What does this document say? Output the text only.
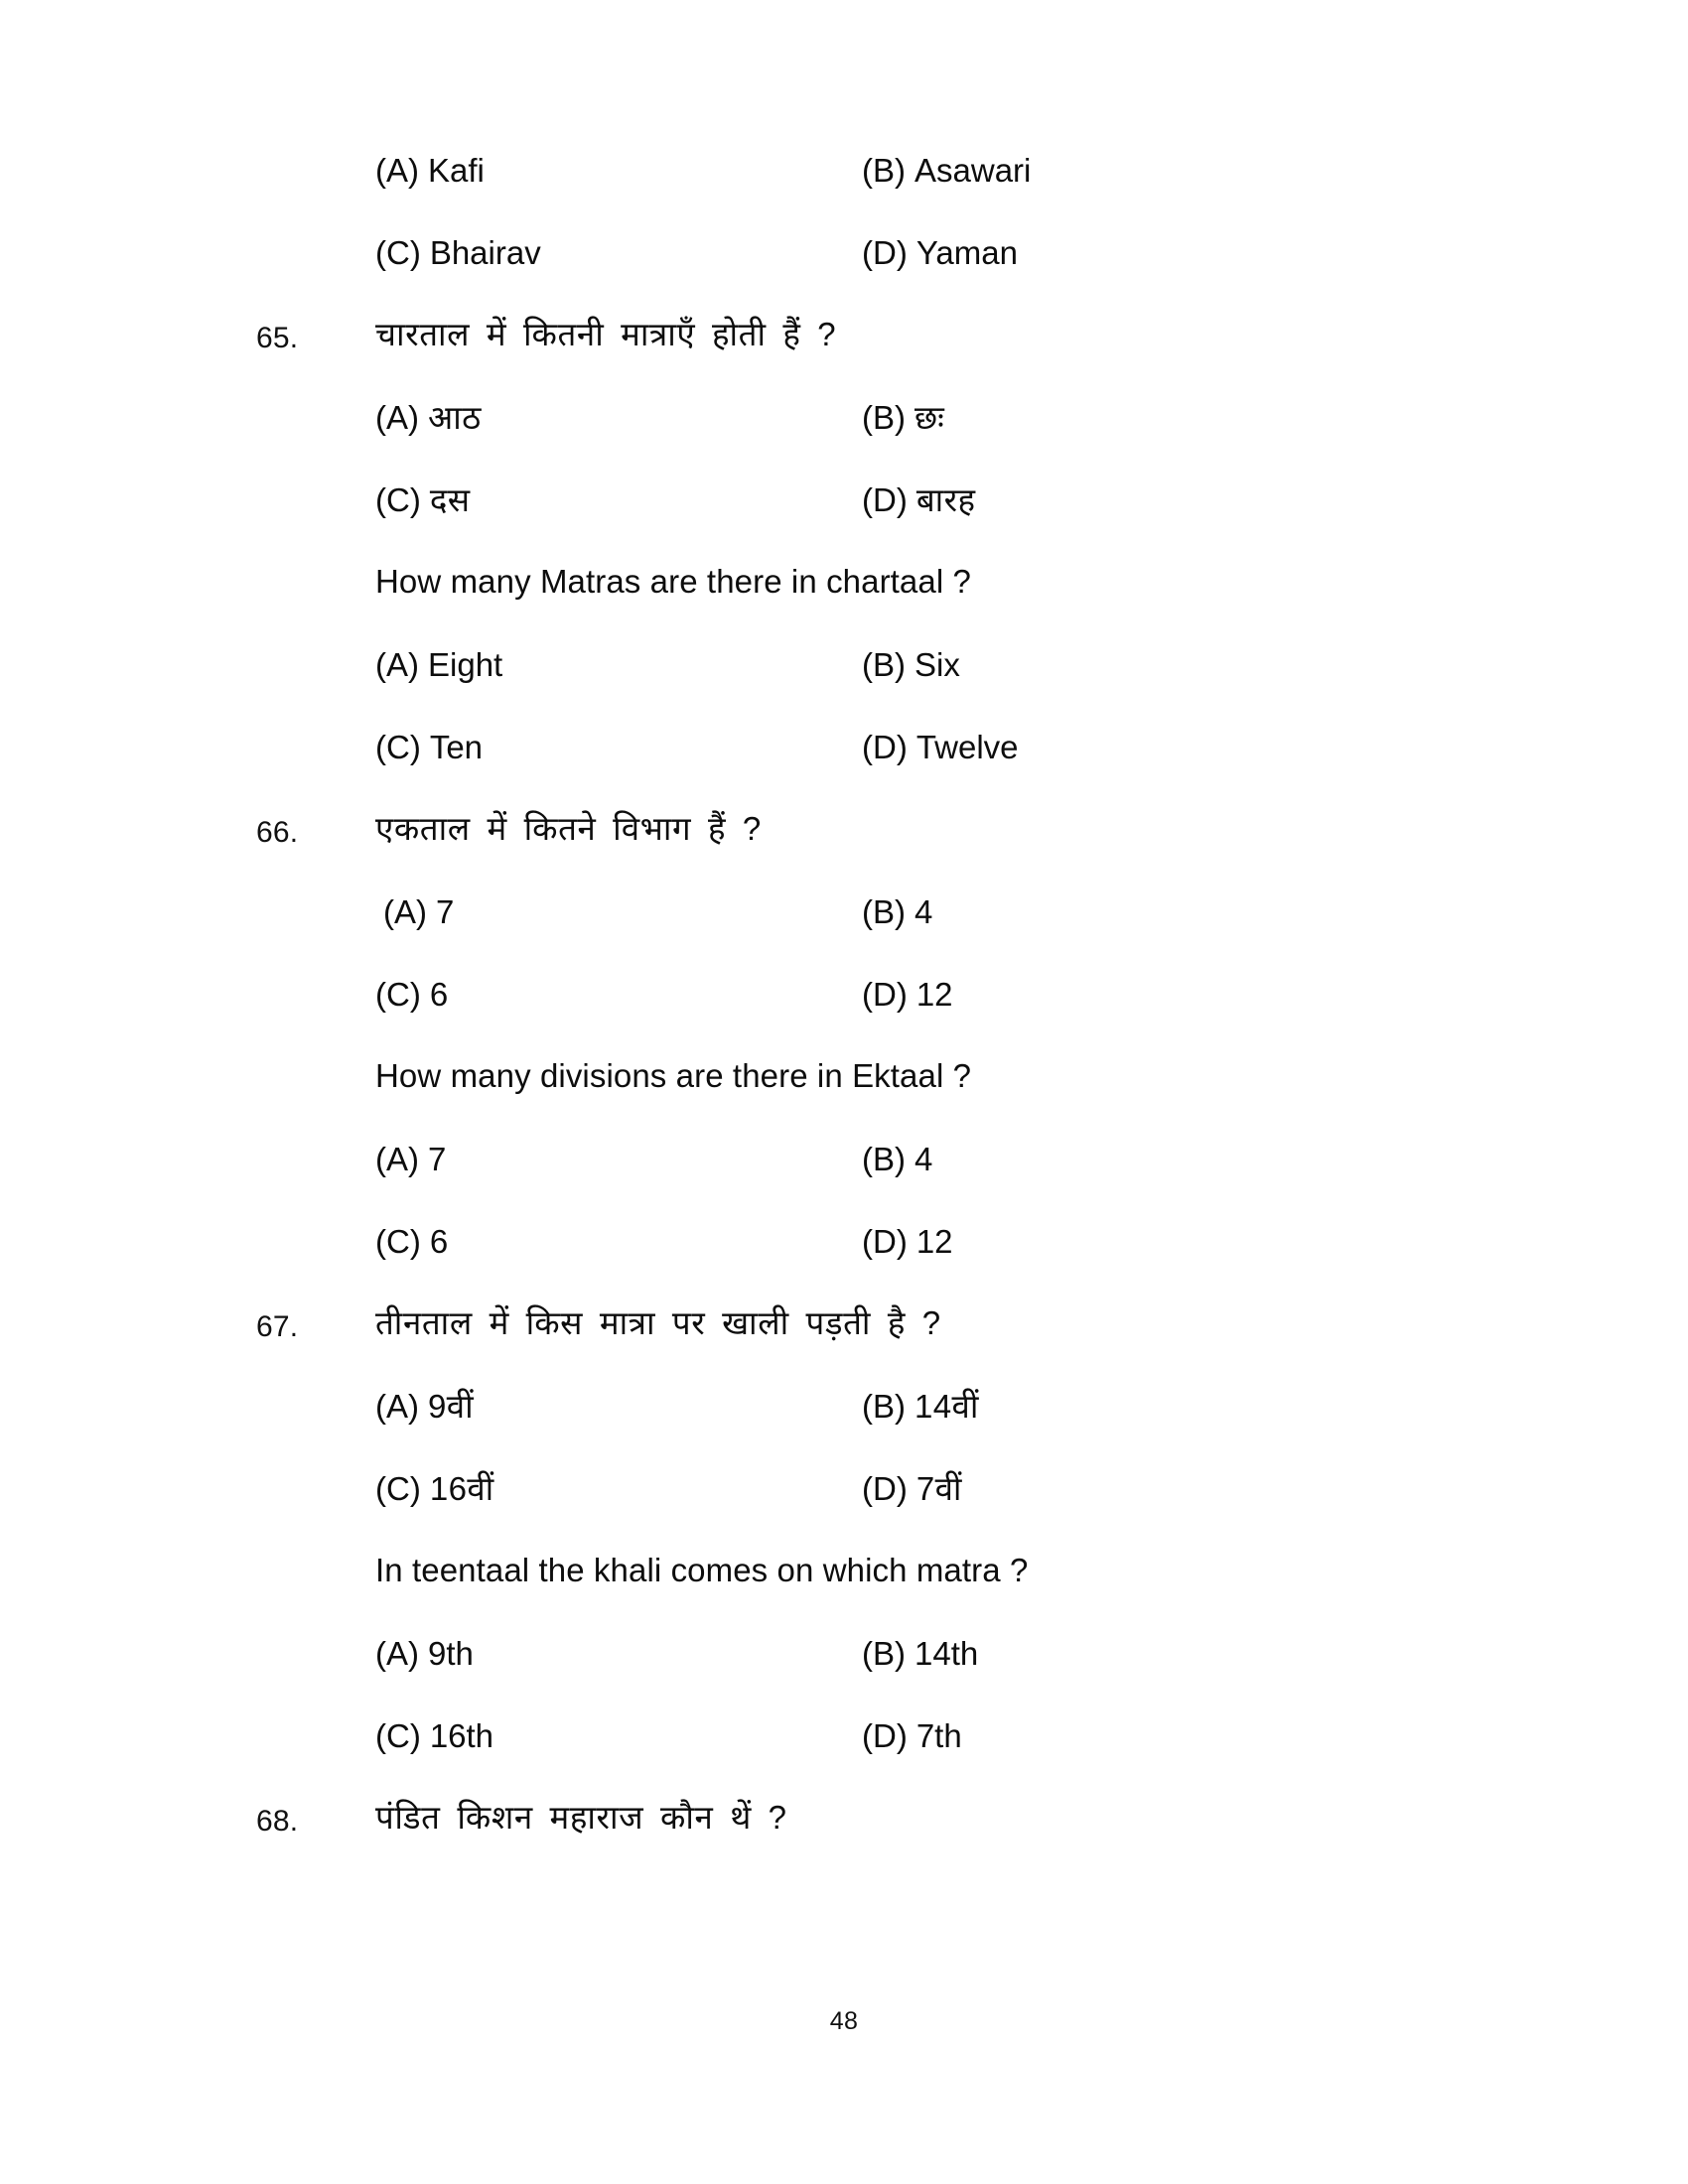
(A) Kafi	(B) Asawari
(C) Bhairav	(D) Yaman
65.	चारताल में कितनी मात्राएँ होती हैं ?
(A) आठ	(B) छः
(C) दस	(D) बारह
How many Matras are there in chartaal ?
(A) Eight	(B) Six
(C) Ten	(D) Twelve
66.	एकताल में कितने विभाग हैं ?
(A) 7	(B) 4
(C) 6	(D) 12
How many divisions are there in Ektaal ?
(A) 7	(B) 4
(C) 6	(D) 12
67.	तीनताल में किस मात्रा पर खाली पड़ती है ?
(A) 9वीं	(B) 14वीं
(C) 16वीं	(D) 7वीं
In teentaal the khali comes on which matra ?
(A) 9th	(B) 14th
(C) 16th	(D) 7th
68.	पंडित किशन महाराज कौन थें ?
48
